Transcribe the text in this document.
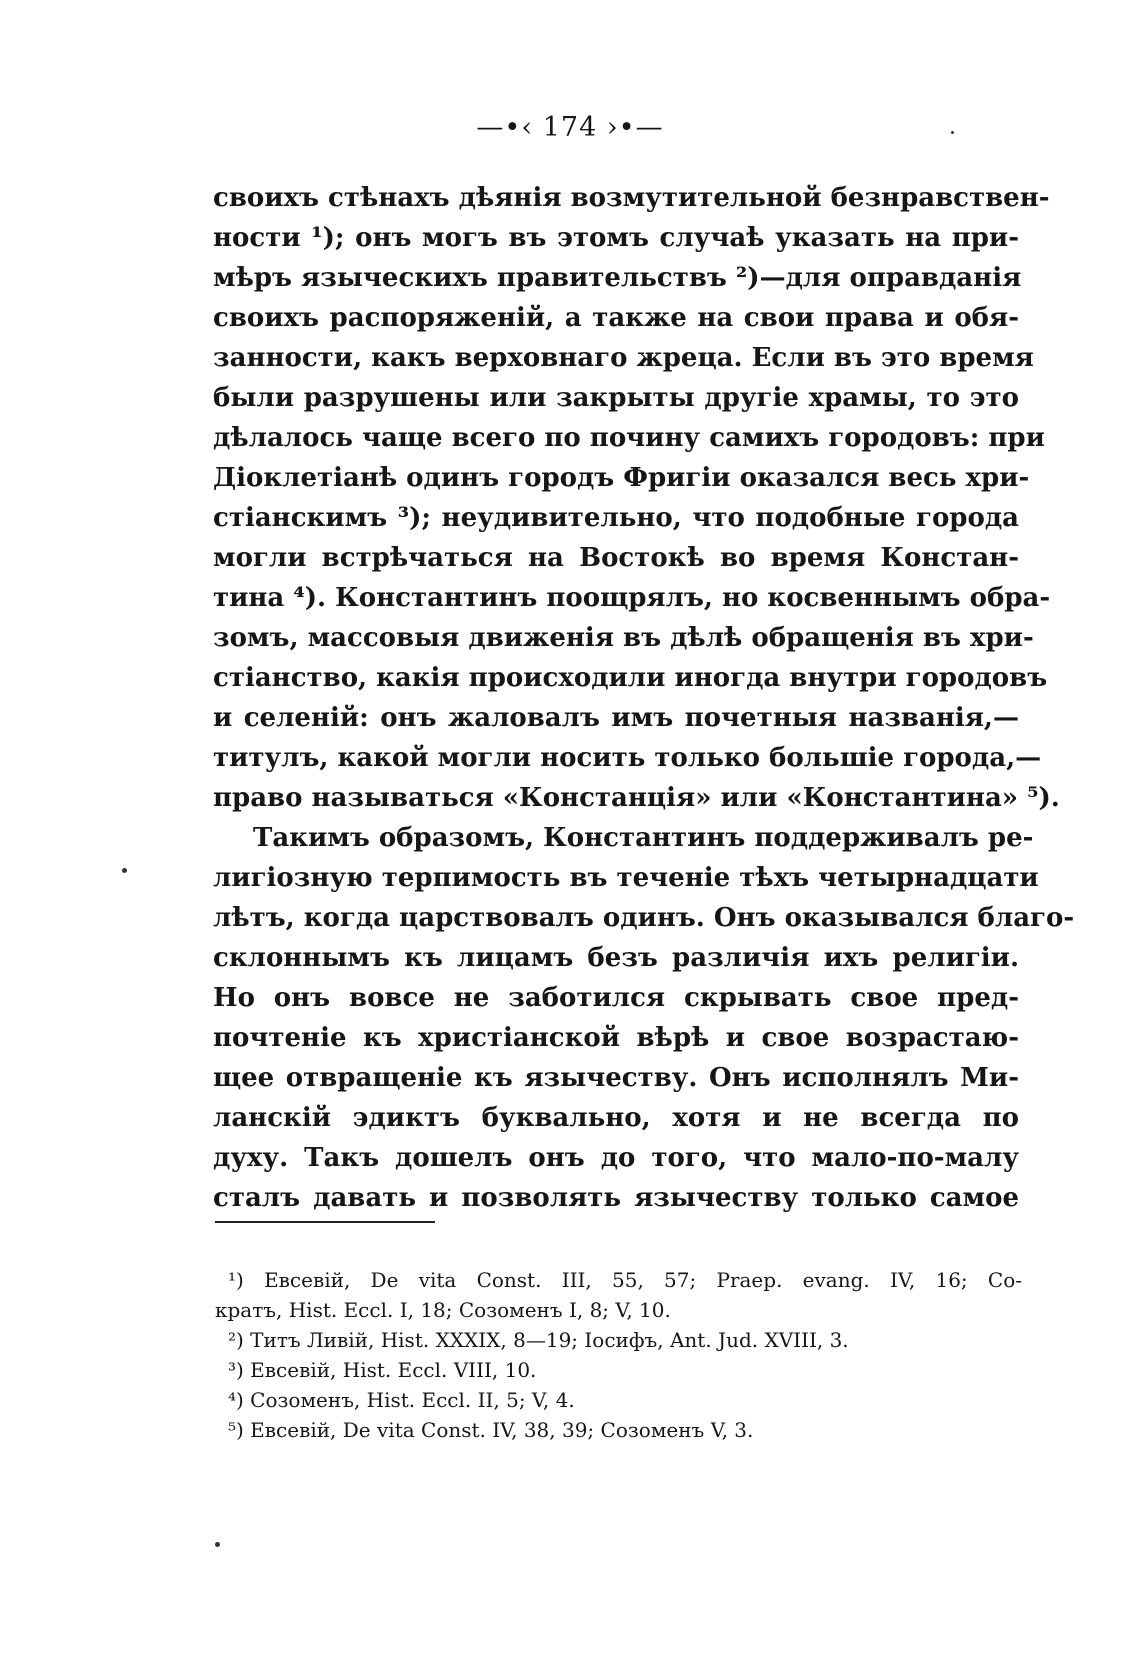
—•‹ 174 ›•—
своихъ стѣнахъ дѣянія возмутительной безнравствен-
ности ¹); онъ могъ въ этомъ случаѣ указать на при-
мѣръ языческихъ правительствъ ²)—для оправданія
своихъ распоряженій, а также на свои права и обя-
занности, какъ верховнаго жреца. Если въ это время
были разрушены или закрыты другіе храмы, то это
дѣлалось чаще всего по почину самихъ городовъ: при
Діоклетіанѣ одинъ городъ Фригіи оказался весь хри-
стіанскимъ ³); неудивительно, что подобные города
могли встрѣчаться на Востокѣ во время Констан-
тина ⁴). Константинъ поощрялъ, но косвеннымъ обра-
зомъ, массовыя движенія въ дѣлѣ обращенія въ хри-
стіанство, какія происходили иногда внутри городовъ
и селеній: онъ жаловалъ имъ почетныя названія,—
титулъ, какой могли носить только большіе города,—
право называться «Констанція» или «Константина» ⁵).
Такимъ образомъ, Константинъ поддерживалъ ре-
лигіозную терпимость въ теченіе тѣхъ четырнадцати
лѣтъ, когда царствовалъ одинъ. Онъ оказывался благо-
склоннымъ къ лицамъ безъ различія ихъ религіи.
Но онъ вовсе не заботился скрывать свое пред-
почтеніе къ христіанской вѣрѣ и свое возрастаю-
щее отвращеніе къ язычеству. Онъ исполнялъ Ми-
ланскій эдиктъ буквально, хотя и не всегда по
духу. Такъ дошелъ онъ до того, что мало-по-малу
сталъ давать и позволять язычеству только самое
¹) Евсевій, De vita Const. III, 55, 57; Praep. evang. IV, 16; Со-
кратъ, Hist. Eccl. I, 18; Созоменъ I, 8; V, 10.
²) Титъ Ливій, Hist. XXXIX, 8—19; Іосифъ, Ant. Jud. XVIII, 3.
³) Евсевій, Hist. Eccl. VIII, 10.
⁴) Созоменъ, Hist. Eccl. II, 5; V, 4.
⁵) Евсевій, De vita Const. IV, 38, 39; Созоменъ V, 3.
